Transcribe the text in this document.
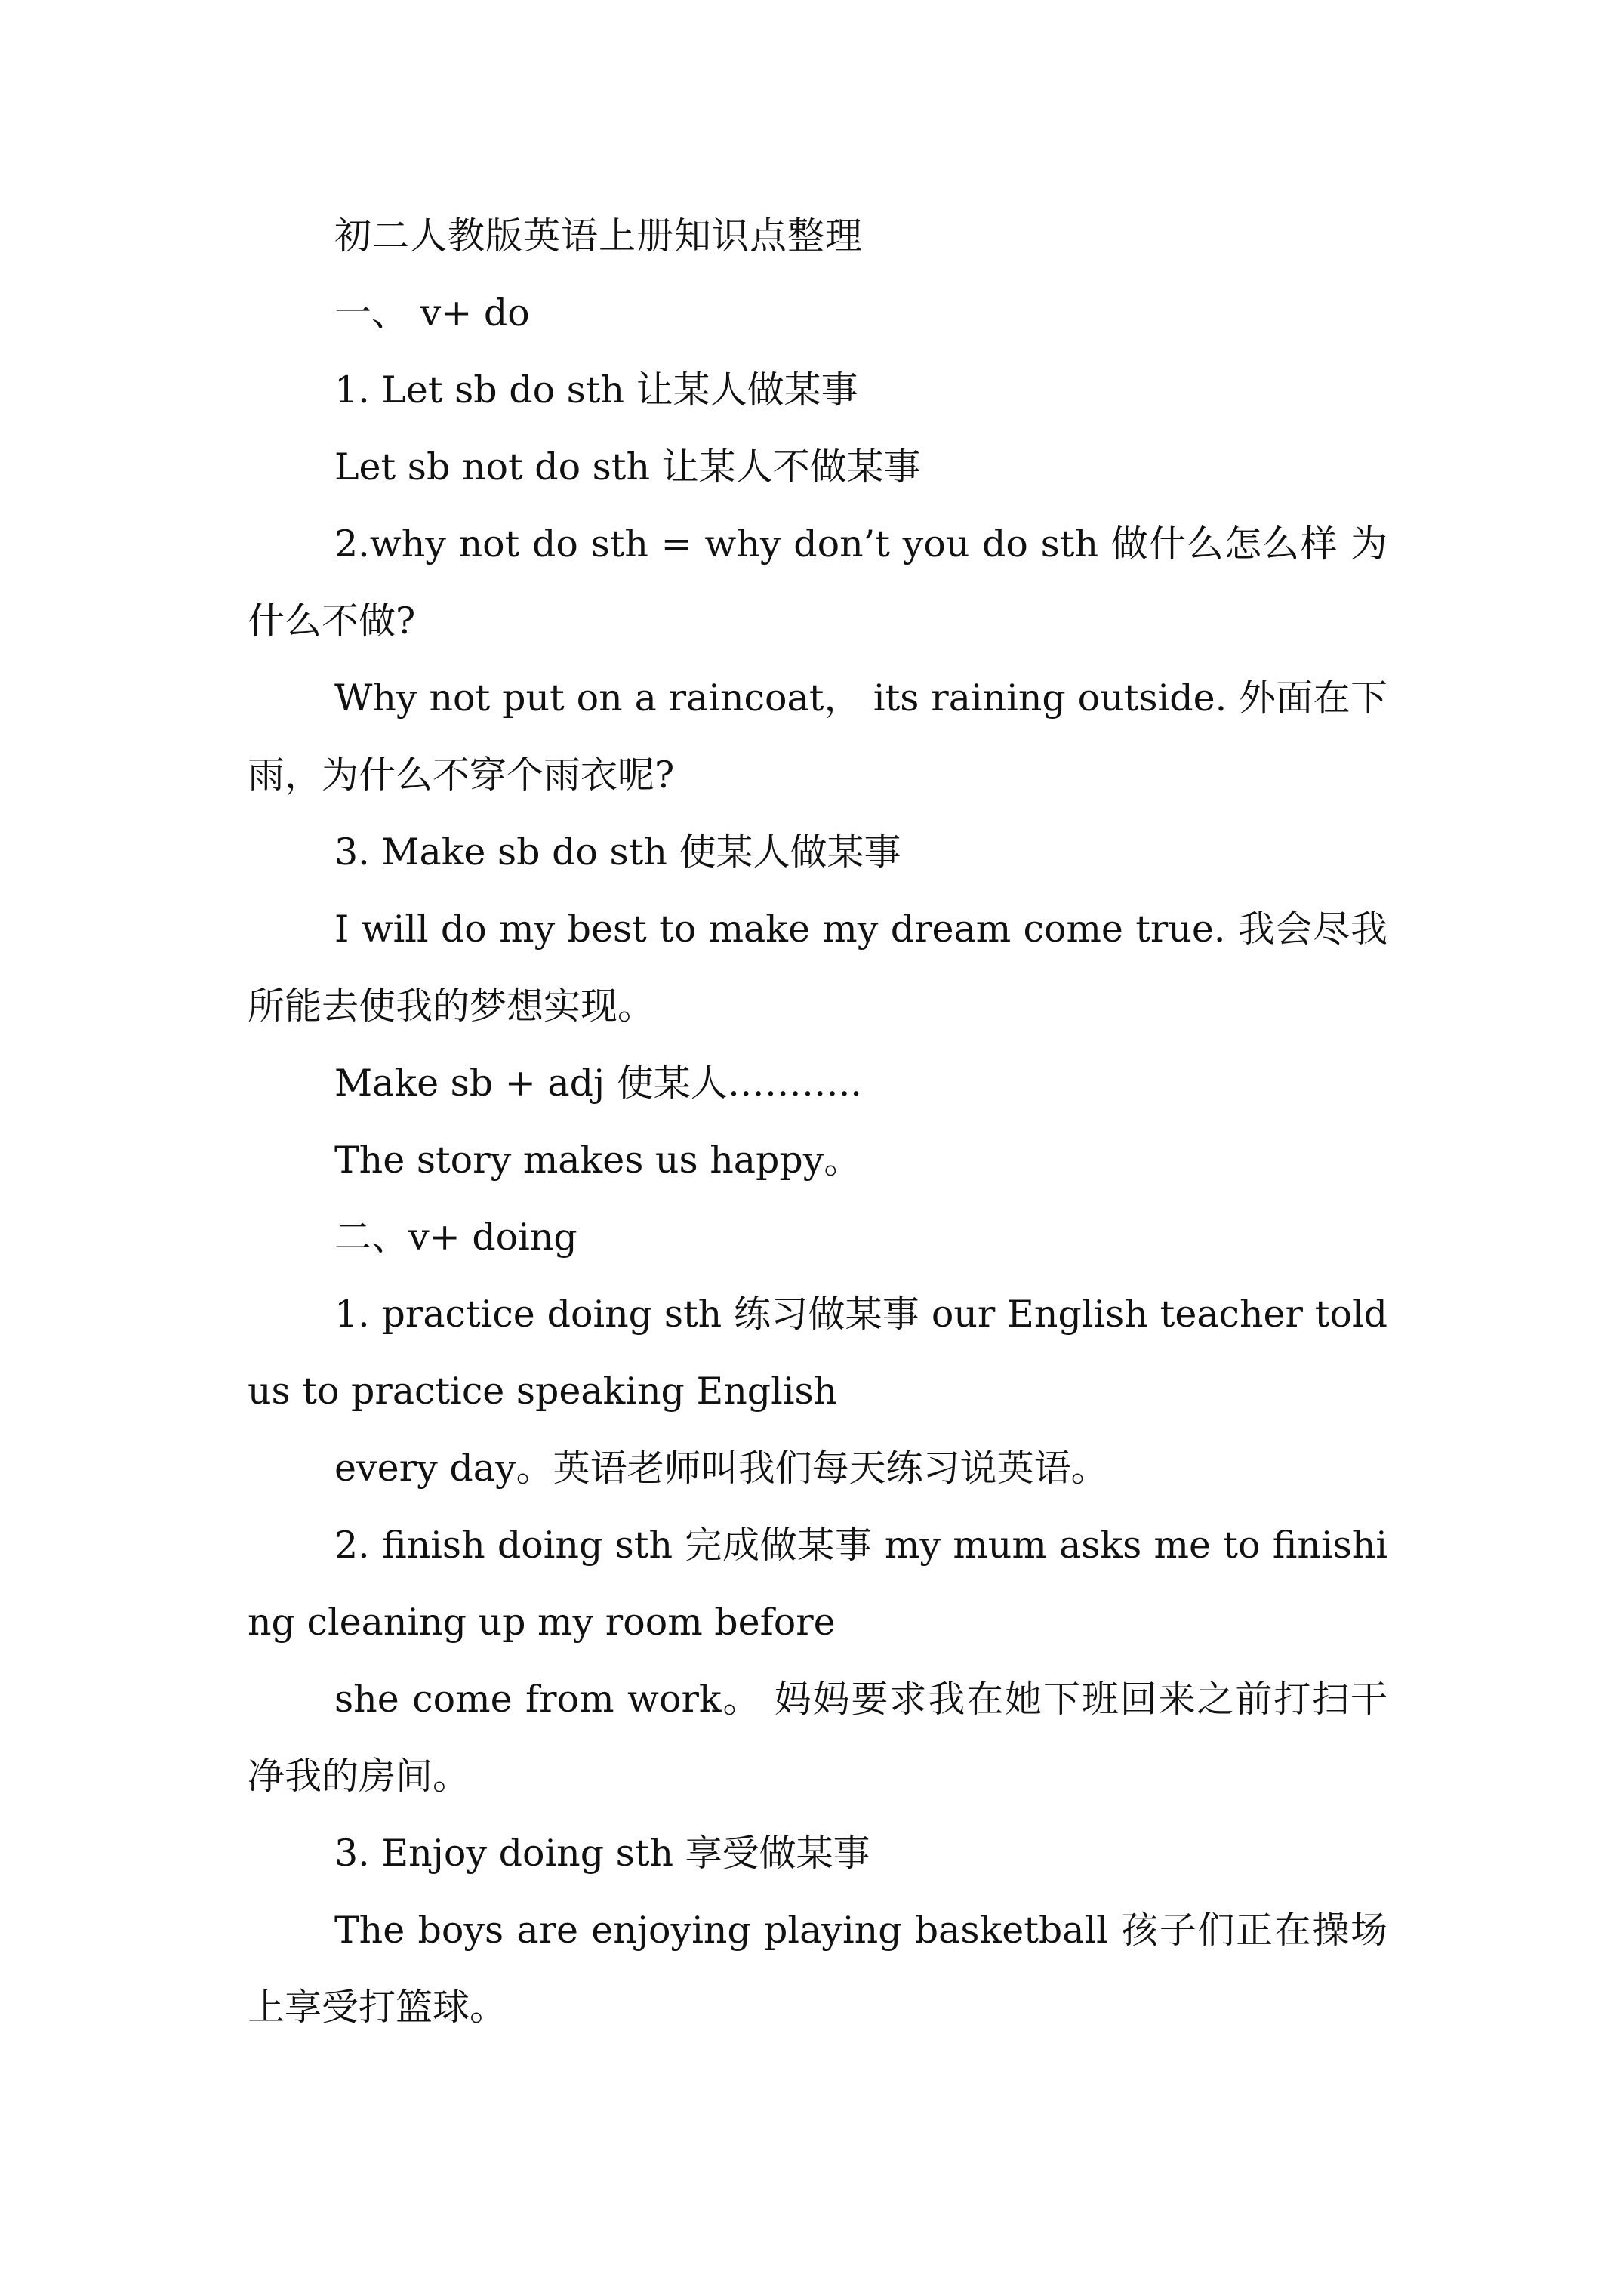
初二人教版英语上册知识点整理

一、 v+ do

1. Let sb do sth 让某人做某事

Let sb not do sth 让某人不做某事

2.why not do sth = why don’t you do sth 做什么怎么样 为什么不做?

Why not put on a raincoat， its raining outside. 外面在下雨，为什么不穿个雨衣呢?

3. Make sb do sth 使某人做某事

I will do my best to make my dream come true. 我会尽我所能去使我的梦想实现。

Make sb + adj 使某人………..

The story makes us happy。

二、v+ doing

1. practice doing sth 练习做某事 our English teacher told us to practice speaking English

every day。英语老师叫我们每天练习说英语。

2. finish doing sth 完成做某事 my mum asks me to finishing cleaning up my room before

she come from work。 妈妈要求我在她下班回来之前打扫干净我的房间。

3. Enjoy doing sth 享受做某事

The boys are enjoying playing basketball 孩子们正在操场上享受打篮球。
